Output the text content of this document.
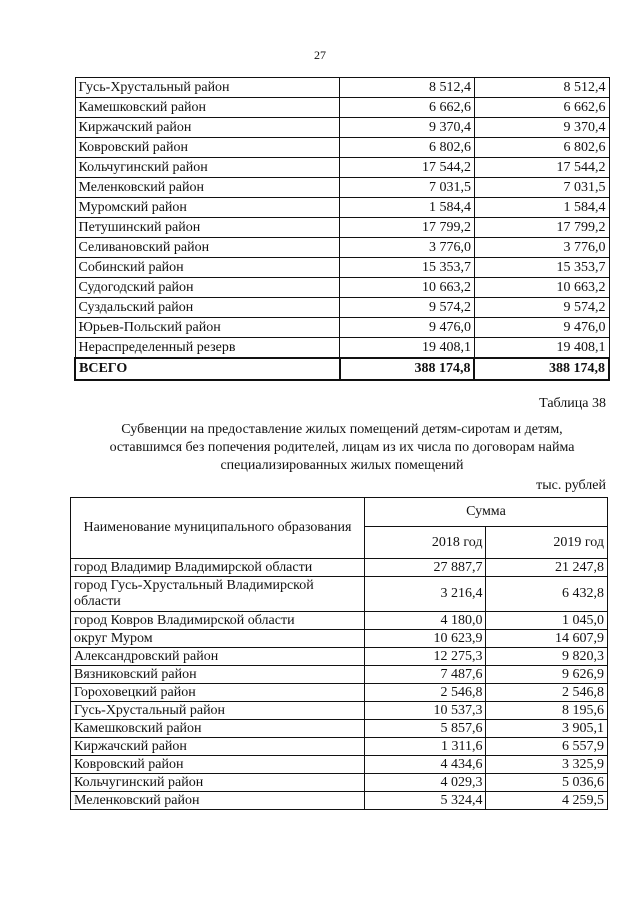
27
Гусь-Хрустальный район	8 512,4	8 512,4
Камешковский район	6 662,6	6 662,6
Киржачский район	9 370,4	9 370,4
Ковровский район	6 802,6	6 802,6
Кольчугинский район	17 544,2	17 544,2
Меленковский район	7 031,5	7 031,5
Муромский район	1 584,4	1 584,4
Петушинский район	17 799,2	17 799,2
Селивановский район	3 776,0	3 776,0
Собинский район	15 353,7	15 353,7
Судогодский район	10 663,2	10 663,2
Суздальский район	9 574,2	9 574,2
Юрьев-Польский район	9 476,0	9 476,0
Нераспределенный резерв	19 408,1	19 408,1
ВСЕГО	388 174,8	388 174,8
Таблица 38
Субвенции на предоставление жилых помещений детям-сиротам и детям,
оставшимся без попечения родителей, лицам из их числа по договорам найма
специализированных жилых помещений
тыс. рублей
Наименование муниципального образования	Сумма	
	2018 год	2019 год
город Владимир Владимирской области	27 887,7	21 247,8
город Гусь-Хрустальный Владимирской области	3 216,4	6 432,8
город Ковров Владимирской области	4 180,0	1 045,0
округ Муром	10 623,9	14 607,9
Александровский район	12 275,3	9 820,3
Вязниковский район	7 487,6	9 626,9
Гороховецкий район	2 546,8	2 546,8
Гусь-Хрустальный район	10 537,3	8 195,6
Камешковский район	5 857,6	3 905,1
Киржачский район	1 311,6	6 557,9
Ковровский район	4 434,6	3 325,9
Кольчугинский район	4 029,3	5 036,6
Меленковский район	5 324,4	4 259,5
